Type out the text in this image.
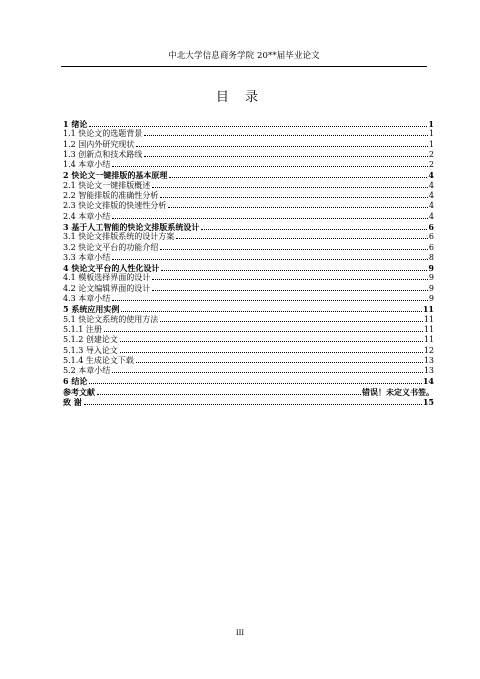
中北大学信息商务学院 20**届毕业论文
目 录
1 绪论	1
1.1 快论文的选题背景	1
1.2 国内外研究现状	1
1.3 创新点和技术路线	2
1.4 本章小结	2
2 快论文一键排版的基本原理	4
2.1 快论文一键排版概述	4
2.2 智能排版的准确性分析	4
2.3 快论文排版的快速性分析	4
2.4 本章小结	4
3 基于人工智能的快论文排版系统设计	6
3.1 快论文排版系统的设计方案	6
3.2 快论文平台的功能介绍	6
3.3 本章小结	8
4 快论文平台的人性化设计	9
4.1 模板选择界面的设计	9
4.2 论文编辑界面的设计	9
4.3 本章小结	9
5 系统应用实例	11
5.1 快论文系统的使用方法	11
5.1.1 注册	11
5.1.2 创建论文	11
5.1.3 导入论文	12
5.1.4 生成论文下载	13
5.2 本章小结	13
6 结论	14
参考文献	错误！未定义书签。
致 谢	15
III
